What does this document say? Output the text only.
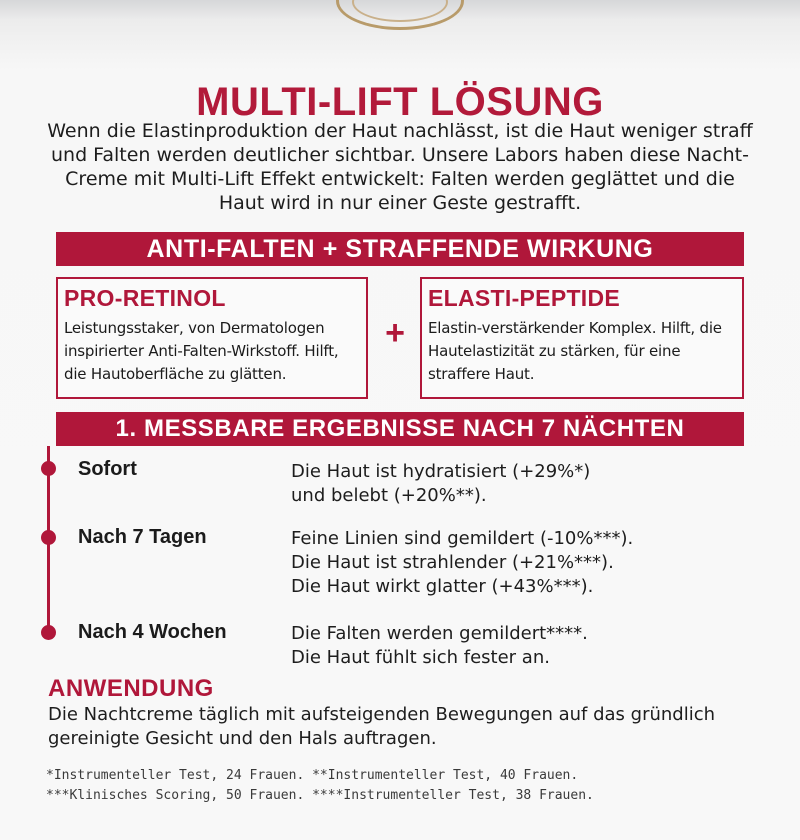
MULTI-LIFT LÖSUNG
Wenn die Elastinproduktion der Haut nachlässt, ist die Haut weniger straff und Falten werden deutlicher sichtbar. Unsere Labors haben diese Nacht-Creme mit Multi-Lift Effekt entwickelt: Falten werden geglättet und die Haut wird in nur einer Geste gestrafft.
ANTI-FALTEN + STRAFFENDE WIRKUNG
PRO-RETINOL
Leistungsstaker, von Dermatologen inspirierter Anti-Falten-Wirkstoff. Hilft, die Hautoberfläche zu glätten.
+
ELASTI-PEPTIDE
Elastin-verstärkender Komplex. Hilft, die Hautelastizität zu stärken, für eine straffere Haut.
1. MESSBARE ERGEBNISSE NACH 7 NÄCHTEN
Sofort	Die Haut ist hydratisiert (+29%*)
und belebt (+20%**).
Nach 7 Tagen	Feine Linien sind gemildert (-10%***).
Die Haut ist strahlender (+21%***).
Die Haut wirkt glatter (+43%***).
Nach 4 Wochen	Die Falten werden gemildert****.
Die Haut fühlt sich fester an.
ANWENDUNG
Die Nachtcreme täglich mit aufsteigenden Bewegungen auf das gründlich gereinigte Gesicht und den Hals auftragen.
*Instrumenteller Test, 24 Frauen. **Instrumenteller Test, 40 Frauen.
***Klinisches Scoring, 50 Frauen. ****Instrumenteller Test, 38 Frauen.
